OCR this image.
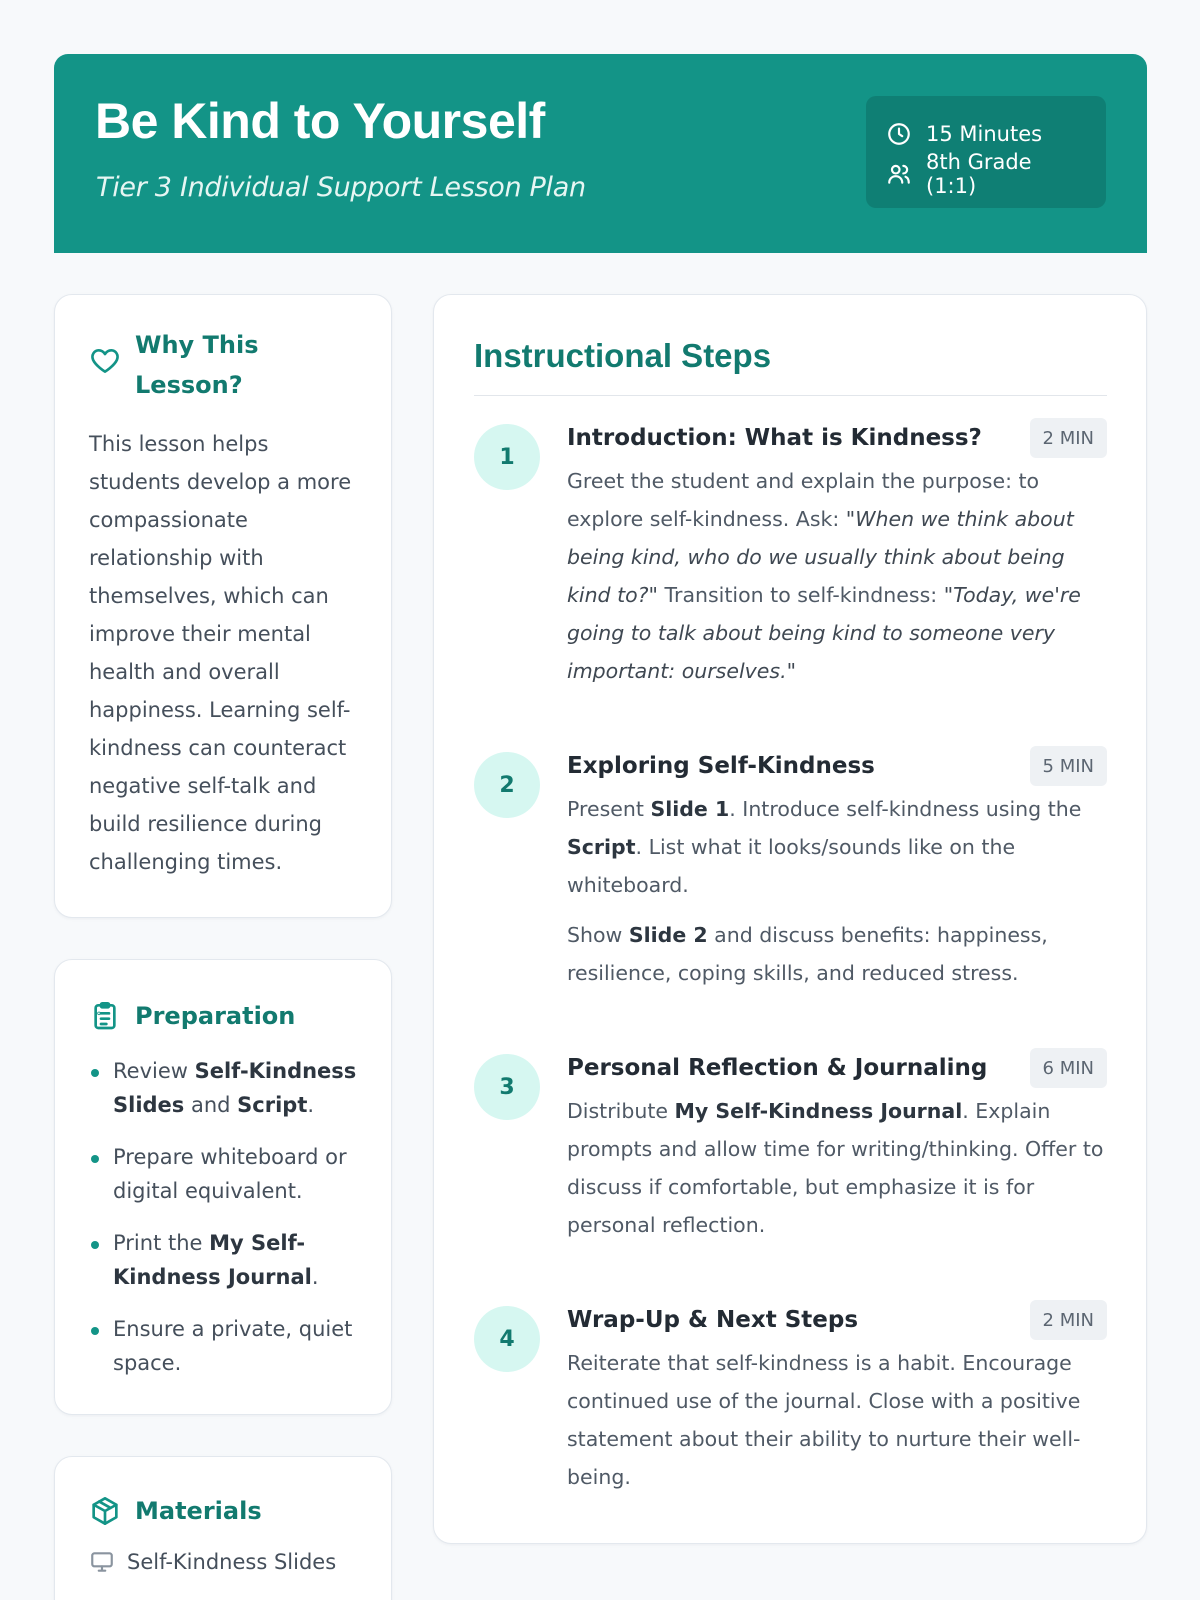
Be Kind to Yourself
Tier 3 Individual Support Lesson Plan
15 Minutes
8th Grade (1:1)
Why This Lesson?

This lesson helps students develop a more compassionate relationship with themselves, which can improve their mental health and overall happiness. Learning self-kindness can counteract negative self-talk and build resilience during challenging times.

Preparation
Review Self-Kindness Slides and Script.
Prepare whiteboard or digital equivalent.
Print the My Self-Kindness Journal.
Ensure a private, quiet space.
Materials
Self-Kindness Slides
Instructional Steps
1
Introduction: What is Kindness?	2 MIN

Greet the student and explain the purpose: to explore self-kindness. Ask: "When we think about being kind, who do we usually think about being kind to?" Transition to self-kindness: "Today, we're going to talk about being kind to someone very important: ourselves."

2
Exploring Self-Kindness	5 MIN

Present Slide 1. Introduce self-kindness using the Script. List what it looks/sounds like on the whiteboard.

Show Slide 2 and discuss benefits: happiness, resilience, coping skills, and reduced stress.

3
Personal Reflection & Journaling	6 MIN

Distribute My Self-Kindness Journal. Explain prompts and allow time for writing/thinking. Offer to discuss if comfortable, but emphasize it is for personal reflection.

4
Wrap-Up & Next Steps	2 MIN

Reiterate that self-kindness is a habit. Encourage continued use of the journal. Close with a positive statement about their ability to nurture their well-being.
